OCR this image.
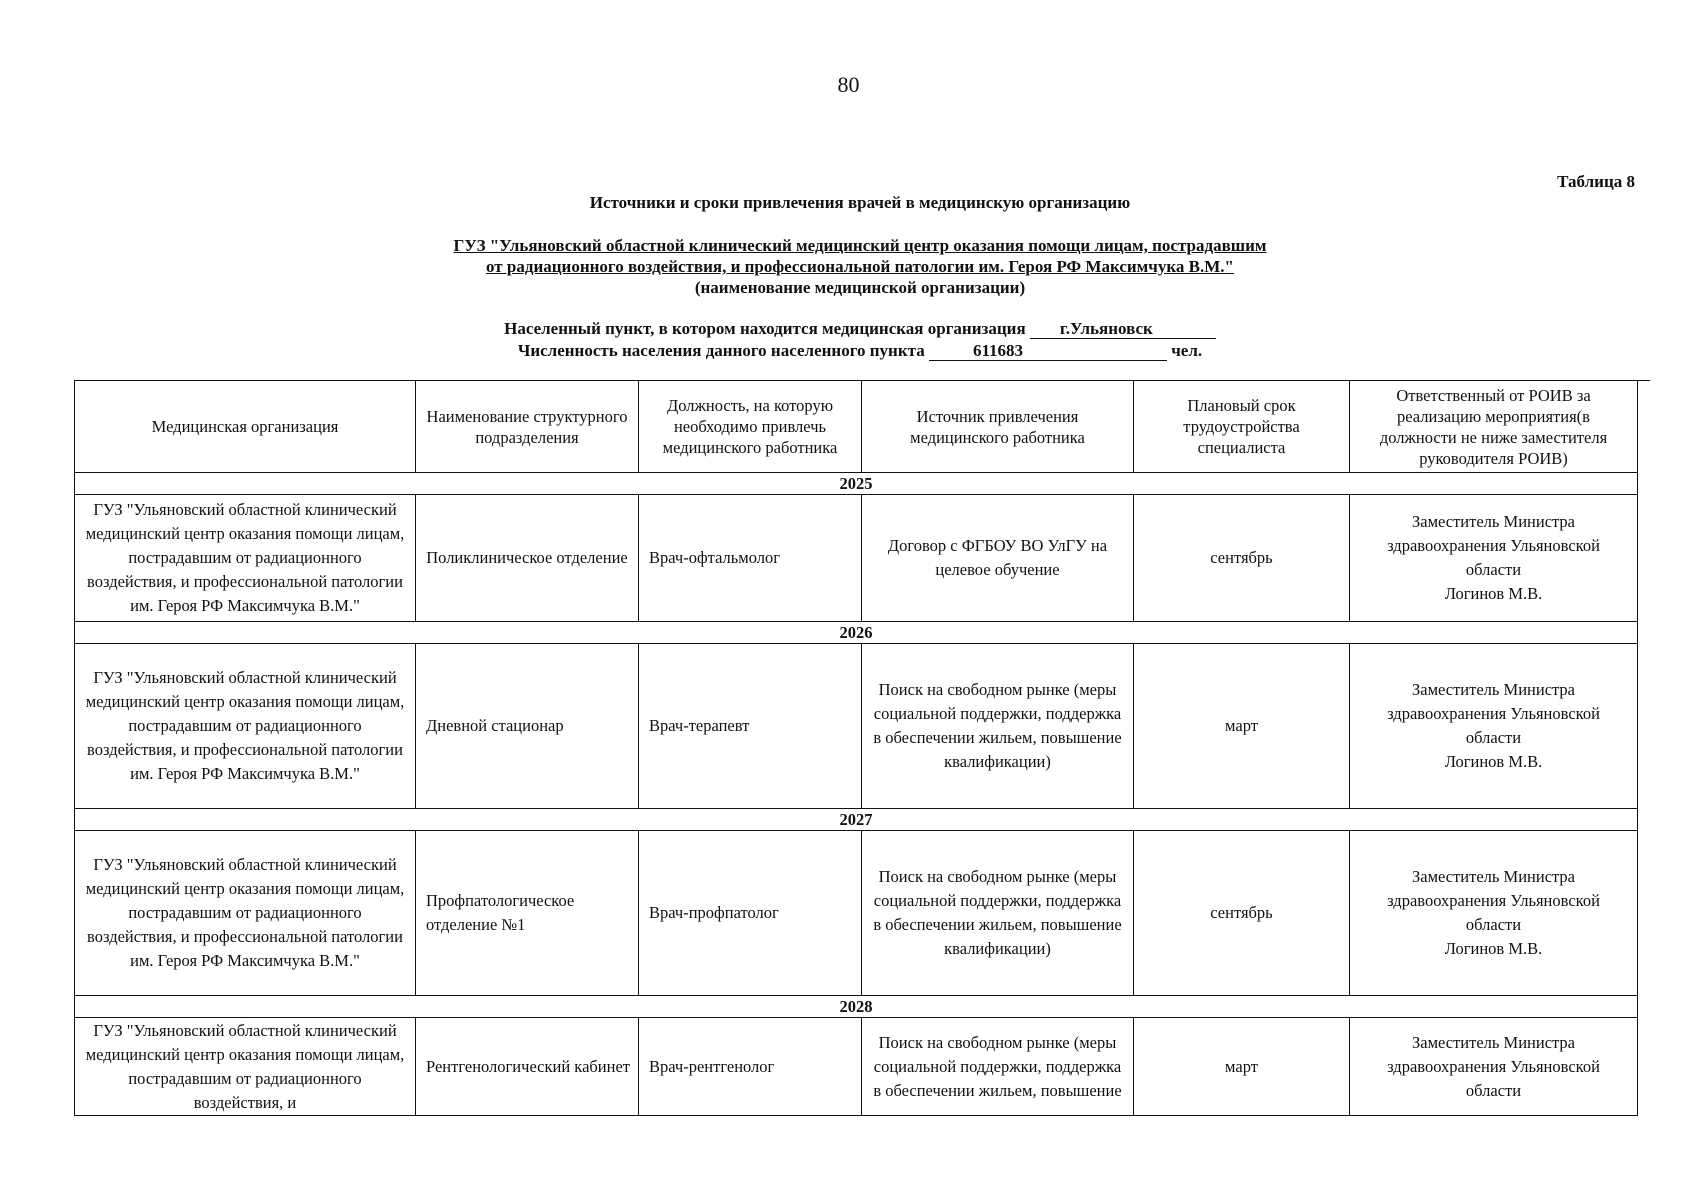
80
Таблица 8
Источники и сроки привлечения врачей в медицинскую организацию
ГУЗ "Ульяновский областной клинический медицинский центр оказания помощи лицам, пострадавшим
от радиационного воздействия, и профессиональной патологии им. Героя РФ Максимчука В.М."
(наименование медицинской организации)
Населенный пункт, в котором находится медицинская организация г.Ульяновск
Численность населения данного населенного пункта	611683	чел.
Медицинская организация	Наименование структурного подразделения	Должность, на которую необходимо привлечь медицинского работника	Источник привлечения медицинского работника	Плановый срок трудоустройства специалиста	Ответственный от РОИВ за реализацию мероприятия(в должности не ниже заместителя руководителя РОИВ)
2025					
ГУЗ "Ульяновский областной клинический медицинский центр оказания помощи лицам, пострадавшим от радиационного воздействия, и профессиональной патологии им. Героя РФ Максимчука В.М."	Поликлиническое отделение	Врач-офтальмолог	Договор с ФГБОУ ВО УлГУ на целевое обучение	сентябрь	Заместитель Министра здравоохранения Ульяновской области
Логинов М.В.

2026					
ГУЗ "Ульяновский областной клинический медицинский центр оказания помощи лицам, пострадавшим от радиационного воздействия, и профессиональной патологии им. Героя РФ Максимчука В.М."	Дневной стационар	Врач-терапевт	Поиск на свободном рынке (меры социальной поддержки, поддержка в обеспечении жильем, повышение квалификации)	март	Заместитель Министра здравоохранения Ульяновской области
Логинов М.В.

2027					
ГУЗ "Ульяновский областной клинический медицинский центр оказания помощи лицам, пострадавшим от радиационного воздействия, и профессиональной патологии им. Героя РФ Максимчука В.М."	Профпатологическое отделение №1	Врач-профпатолог	Поиск на свободном рынке (меры социальной поддержки, поддержка в обеспечении жильем, повышение квалификации)	сентябрь	Заместитель Министра здравоохранения Ульяновской области
Логинов М.В.

2028					
ГУЗ "Ульяновский областной клинический медицинский центр оказания помощи лицам, пострадавшим от радиационного воздействия, и	Рентгенологический кабинет	Врач-рентгенолог	Поиск на свободном рынке (меры социальной поддержки, поддержка в обеспечении жильем, повышение	март	Заместитель Министра здравоохранения Ульяновской области
